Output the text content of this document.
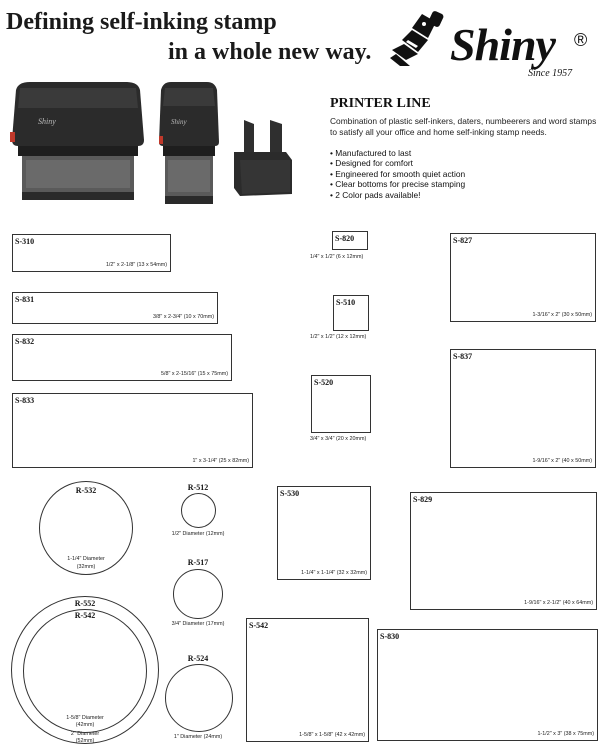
Defining self-inking stamp
in a whole new way. Shiny ®
Since 1957
Shiny	Shiny
PRINTER LINE
Combination of plastic self-inkers, daters, numbeerers and word stamps to satisfy all your office and home self-inking stamp needs.
• Manufactured to last
• Designed for comfort
• Engineered for smooth quiet action
• Clear bottoms for precise stamping
• 2 Color pads available!
S-310
1/2" x 2-1/8" (13 x 54mm)
S-831
3/8" x 2-3/4" (10 x 70mm)
S-832
5/8" x 2-15/16" (15 x 75mm)
S-833
1" x 3-1/4" (25 x 82mm)
S-820
1/4" x 1/2" (6 x 12mm)
S-510
1/2" x 1/2" (12 x 12mm)
S-520
3/4" x 3/4" (20 x 20mm)
S-827
1-3/16" x 2" (30 x 50mm)
S-837
1-9/16" x 2" (40 x 50mm)
S-530
1-1/4" x 1-1/4" (32 x 32mm)
S-829
1-9/16" x 2-1/2" (40 x 64mm)
S-542
1-5/8" x 1-5/8" (42 x 42mm)
S-830
1-1/2" x 3" (38 x 75mm)
R-532
1-1/4" Diameter
(32mm)
R-512
1/2" Diameter (12mm)
R-517
3/4" Diameter (17mm)
R-524
1" Diameter (24mm)
R-552
2" Diameter
(52mm)
R-542
1-5/8" Diameter
(42mm)
